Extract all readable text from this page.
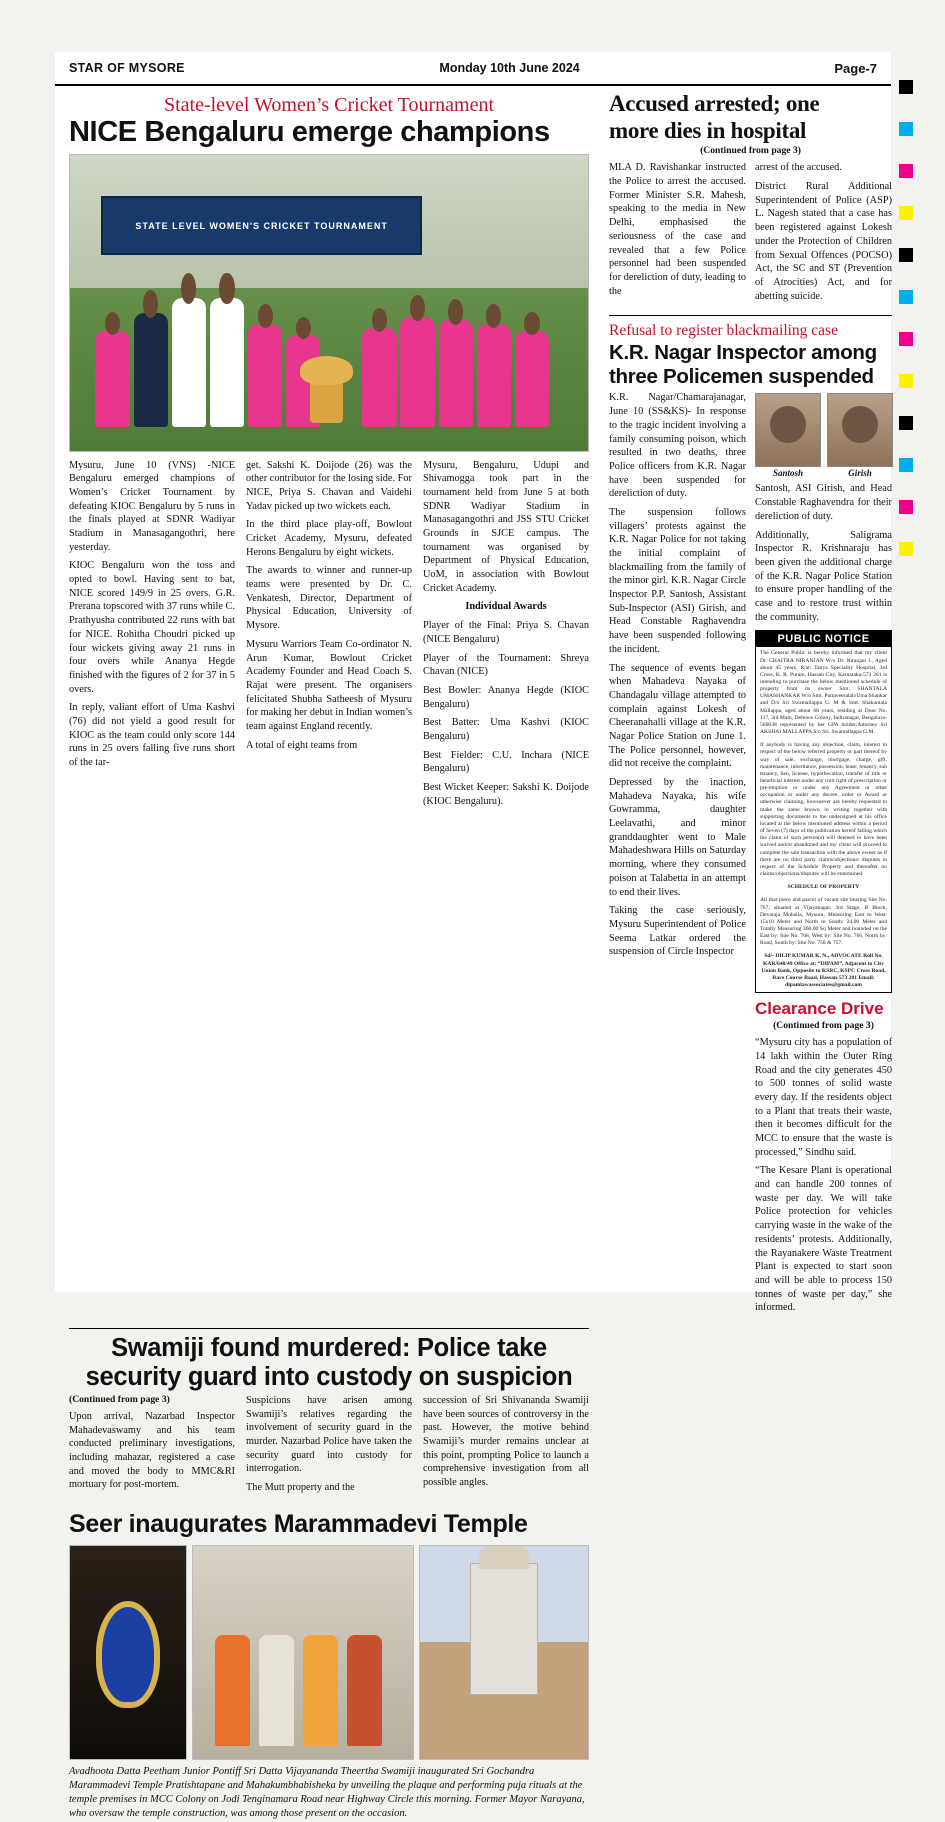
STAR OF MYSORE	Monday 10th June 2024	Page-7
State-level Women’s Cricket Tournament
NICE Bengaluru emerge champions
STATE LEVEL WOMEN'S CRICKET TOURNAMENT

Mysuru, June 10 (VNS) -NICE Bengaluru emerged champions of Women’s Cricket Tournament by defeating KIOC Bengaluru by 5 runs in the finals played at SDNR Wadiyar Stadium in Manasagangothri, here yesterday.

KIOC Bengaluru won the toss and opted to bowl. Having sent to bat, NICE scored 149/9 in 25 overs. G.R. Prerana topscored with 37 runs while C. Prathyusha contributed 22 runs with bat for NICE. Rohitha Choudri picked up four wickets giving away 21 runs in four overs while Ananya Hegde finished with the figures of 2 for 37 in 5 overs.

In reply, valiant effort of Uma Kashvi (76) did not yield a good result for KIOC as the team could only score 144 runs in 25 overs falling five runs short of the tar-

get. Sakshi K. Doijode (26) was the other contributor for the losing side. For NICE, Priya S. Chavan and Vaidehi Yadav picked up two wickets each.

In the third place play-off, Bowlout Cricket Academy, Mysuru, defeated Herons Bengaluru by eight wickets.

The awards to winner and runner-up teams were presented by Dr. C. Venkatesh, Director, Department of Physical Education, University of Mysore.

Mysuru Warriors Team Co-ordinator N. Arun Kumar, Bowlout Cricket Academy Founder and Head Coach S. Rajat were present. The organisers felicitated Shubha Satheesh of Mysuru for making her debut in Indian women’s team against England recently.

A total of eight teams from

Mysuru, Bengaluru, Udupi and Shivamogga took part in the tournament held from June 5 at both SDNR Wadiyar Stadium in Manasagangothri and JSS STU Cricket Grounds in SJCE campus. The tournament was organised by Department of Physical Education, UoM, in association with Bowlout Cricket Academy.

Individual Awards

Player of the Final: Priya S. Chavan (NICE Bengaluru)

Player of the Tournament: Shreya Chavan (NICE)

Best Bowler: Ananya Hegde (KIOC Bengaluru)

Best Batter: Uma Kashvi (KIOC Bengaluru)

Best Fielder: C.U. Inchara (NICE Bengaluru)

Best Wicket Keeper: Sakshi K. Doijode (KIOC Bengaluru).

Accused arrested; one
more dies in hospital
(Continued from page 3)

MLA D. Ravishankar instructed the Police to arrest the accused. Former Minister S.R. Mahesh, speaking to the media in New Delhi, emphasised the seriousness of the case and revealed that a few Police personnel had been suspended for dereliction of duty, leading to the

arrest of the accused.

District Rural Additional Superintendent of Police (ASP) L. Nagesh stated that a case has been registered against Lokesh under the Protection of Children from Sexual Offences (POCSO) Act, the SC and ST (Prevention of Atrocities) Act, and for abetting suicide.

Refusal to register blackmailing case
K.R. Nagar Inspector among
three Policemen suspended

K.R. Nagar/Chamarajanagar, June 10 (SS&KS)- In response to the tragic incident involving a family consuming poison, which resulted in two deaths, three Police officers from K.R. Nagar have been suspended for dereliction of duty.

The suspension follows villagers’ protests against the K.R. Nagar Police for not taking the initial complaint of blackmailing from the family of the minor girl. K.R. Nagar Circle Inspector P.P. Santosh, Assistant Sub-Inspector (ASI) Girish, and Head Constable Raghavendra have been suspended following the incident.

The sequence of events began when Mahadeva Nayaka of Chandagalu village attempted to complain against Lokesh of Cheeranahalli village at the K.R. Nagar Police Station on June 1. The Police personnel, however, did not receive the complaint.

Depressed by the inaction, Mahadeva Nayaka, his wife Gowramma, daughter Leelavathi, and minor granddaughter went to Male Mahadeshwara Hills on Saturday morning, where they consumed poison at Talabetta in an attempt to end their lives.

Taking the case seriously, Mysuru Superintendent of Police Seema Latkar ordered the suspension of Circle Inspector

Santosh	Girish

Santosh, ASI Girish, and Head Constable Raghavendra for their dereliction of duty.

Additionally, Saligrama Inspector R. Krishnaraju has been given the additional charge of the K.R. Nagar Police Station to ensure proper handling of the case and to restore trust within the community.

PUBLIC NOTICE
The General Public is hereby informed that my client Dr. CHAITRA NIRANJAN W/o Dr. Niranjan J., Aged about 45 years, R/at: Tanya Speciality Hospital, 3rd Cross, K. R. Puram, Hassan City, Karnataka-573 201 is intending to purchase the below mentioned schedule of property from its owner Smt. SHANTALA UMASHANKAR W/o Smt. Puttaveeralah/Uma Shankar and D/o Sri Swamallappa G. M & Smt. Shakuntala Mallappa, aged about 68 years, residing at Door No. 117, 3rd Main, Defence Colony, Indiranagar, Bengaluru-560038 represented by her GPA holder/Attorney Sri AKSHAI MALLAPPA S/o Sri. Swamallappa G.M.
If anybody is having any objection, claim, interest in respect of the below referred property or part thereof by way of sale, exchange, mortgage, charge, gift, maintenance, inheritance, possession, lease, tenancy, sub tenancy, lien, license, hypothecation, transfer of title or beneficial interest under any truit right of prescription or pre-emption or under any Agreement or other occupation or under any decree, order or Award or otherwise claiming, howsoever are hereby requested to make the same known in writing together with supporting documents to the undersigned at his office located at the below mentioned address within a period of Seven (7) days of the publication hereof failing which the claim of such person(s) will deemed to have been waived and/or abandoned and my client will proceed to complete the sale transaction with the above owner as if there are no third party claims/objections/ disputes in respect of the Schedule Property and thereafter no claims/objections/disputes will be entertained.
SCHEDULE OF PROPERTY
All that piece and parcel of vacant site bearing Site No. 767, situated at Vijayanagar, 3rd Stage, B Block, Devaraja Mohalla, Mysuru, Measuring East to West: 15x10 Meter and North to South: 24.00 Meter and Totally Measuring 360.00 Sq Meter and bounded on the East by: Site No. 768, West by: Site No. 766, North by: Road, South by: Site No. 758 & 757.
Sd/- DILIP KUMAR K. N., ADVOCATE Roll No. KAR/648/49 Office at: “DIPAM”, Adjacent to City Union Bank, Opposite to KSRC, KSPC Cross Road, Race Course Road, Hassan-573 201 Email: dipamlawassociates@gmail.com
Clearance Drive
(Continued from page 3)

“Mysuru city has a population of 14 lakh within the Outer Ring Road and the city generates 450 to 500 tonnes of solid waste every day. If the residents object to a Plant that treats their waste, then it becomes difficult for the MCC to ensure that the waste is processed,” Sindhu said.

“The Kesare Plant is operational and can handle 200 tonnes of waste per day. We will take Police protection for vehicles carrying waste in the wake of the residents’ protests. Additionally, the Rayanakere Waste Treatment Plant is expected to start soon and will be able to process 150 tonnes of waste per day,” she informed.

Swamiji found murdered: Police take
security guard into custody on suspicion
(Continued from page 3)

Upon arrival, Nazarbad Inspector Mahadevaswamy and his team conducted preliminary investigations, including mahazar, registered a case and moved the body to MMC&RI mortuary for post-mortem.

Suspicions have arisen among Swamiji’s relatives regarding the involvement of security guard in the murder. Nazarbad Police have taken the security guard into custody for interrogation.

The Mutt property and the

succession of Sri Shivananda Swamiji have been sources of controversy in the past. However, the motive behind Swamiji’s murder remains unclear at this point, prompting Police to launch a comprehensive investigation from all possible angles.

Seer inaugurates Marammadevi Temple
Avadhoota Datta Peetham Junior Pontiff Sri Datta Vijayananda Theertha Swamiji inaugurated Sri Gochandra Marammadevi Temple Pratishtapane and Mahakumbhabisheka by unveiling the plaque and performing puja rituals at the temple premises in MCC Colony on Jodi Tenginamara Road near Highway Circle this morning. Former Mayor Narayana, who oversaw the temple construction, was among those present on the occasion.
